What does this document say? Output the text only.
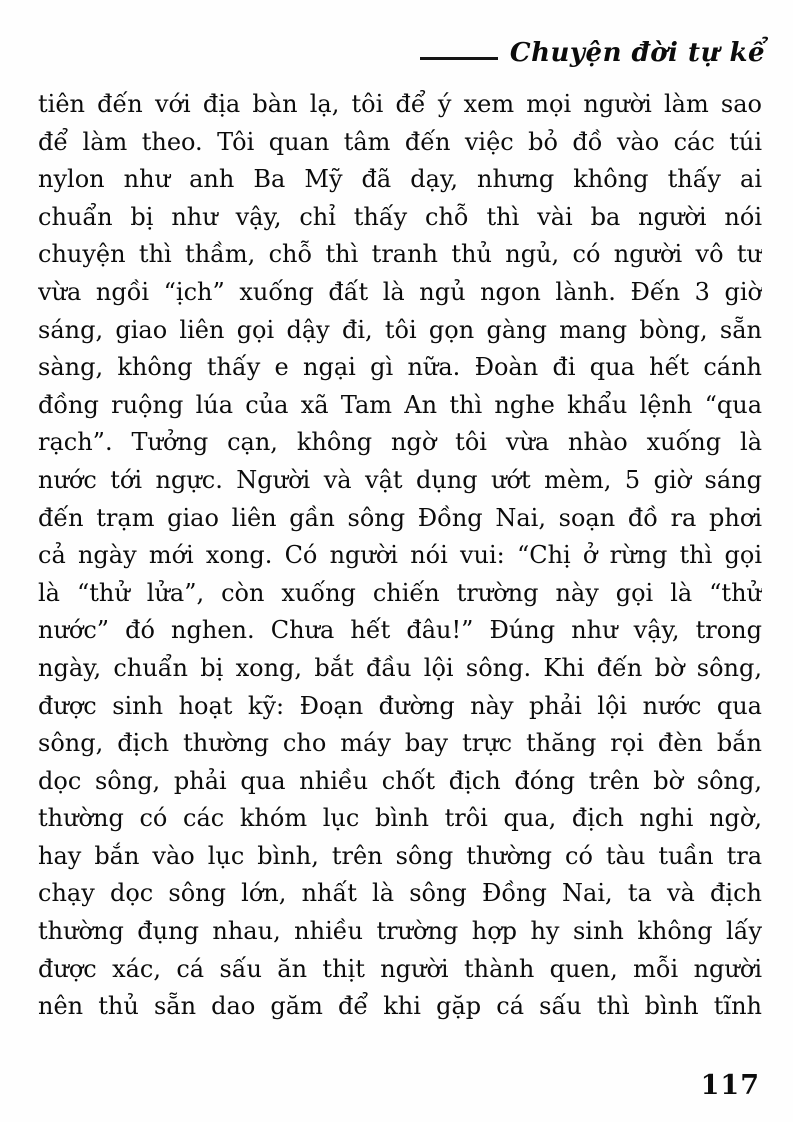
Chuyện đời tự kể
tiên đến với địa bàn lạ, tôi để ý xem mọi người làm sao
để làm theo. Tôi quan tâm đến việc bỏ đồ vào các túi
nylon như anh Ba Mỹ đã dạy, nhưng không thấy ai
chuẩn bị như vậy, chỉ thấy chỗ thì vài ba người nói
chuyện thì thầm, chỗ thì tranh thủ ngủ, có người vô tư
vừa ngồi “ịch” xuống đất là ngủ ngon lành. Đến 3 giờ
sáng, giao liên gọi dậy đi, tôi gọn gàng mang bòng, sẵn
sàng, không thấy e ngại gì nữa. Đoàn đi qua hết cánh
đồng ruộng lúa của xã Tam An thì nghe khẩu lệnh “qua
rạch”. Tưởng cạn, không ngờ tôi vừa nhào xuống là
nước tới ngực. Người và vật dụng ướt mèm, 5 giờ sáng
đến trạm giao liên gần sông Đồng Nai, soạn đồ ra phơi
cả ngày mới xong. Có người nói vui: “Chị ở rừng thì gọi
là “thử lửa”, còn xuống chiến trường này gọi là “thử
nước” đó nghen. Chưa hết đâu!” Đúng như vậy, trong
ngày, chuẩn bị xong, bắt đầu lội sông. Khi đến bờ sông,
được sinh hoạt kỹ: Đoạn đường này phải lội nước qua
sông, địch thường cho máy bay trực thăng rọi đèn bắn
dọc sông, phải qua nhiều chốt địch đóng trên bờ sông,
thường có các khóm lục bình trôi qua, địch nghi ngờ,
hay bắn vào lục bình, trên sông thường có tàu tuần tra
chạy dọc sông lớn, nhất là sông Đồng Nai, ta và địch
thường đụng nhau, nhiều trường hợp hy sinh không lấy
được xác, cá sấu ăn thịt người thành quen, mỗi người
nên thủ sẵn dao găm để khi gặp cá sấu thì bình tĩnh
117
